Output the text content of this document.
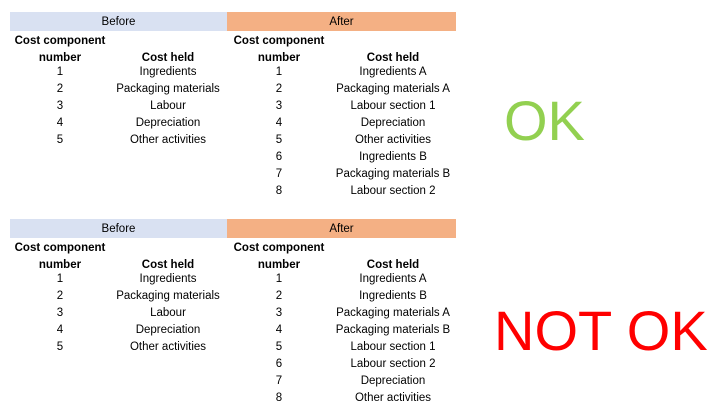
Before	After
Cost component
number	Cost held
Cost component
number	Cost held
1	Ingredients	1	Ingredients A
2	Packaging materials	2	Packaging materials A
3	Labour	3	Labour section 1
4	Depreciation	4	Depreciation
5	Other activities	5	Other activities
6	Ingredients B
7	Packaging materials B
8	Labour section 2
Before	After
Cost component
number	Cost held
Cost component
number	Cost held
1	Ingredients	1	Ingredients A
2	Packaging materials	2	Ingredients B
3	Labour	3	Packaging materials A
4	Depreciation	4	Packaging materials B
5	Other activities	5	Labour section 1
6	Labour section 2
7	Depreciation
8	Other activities
OK
NOT OK
